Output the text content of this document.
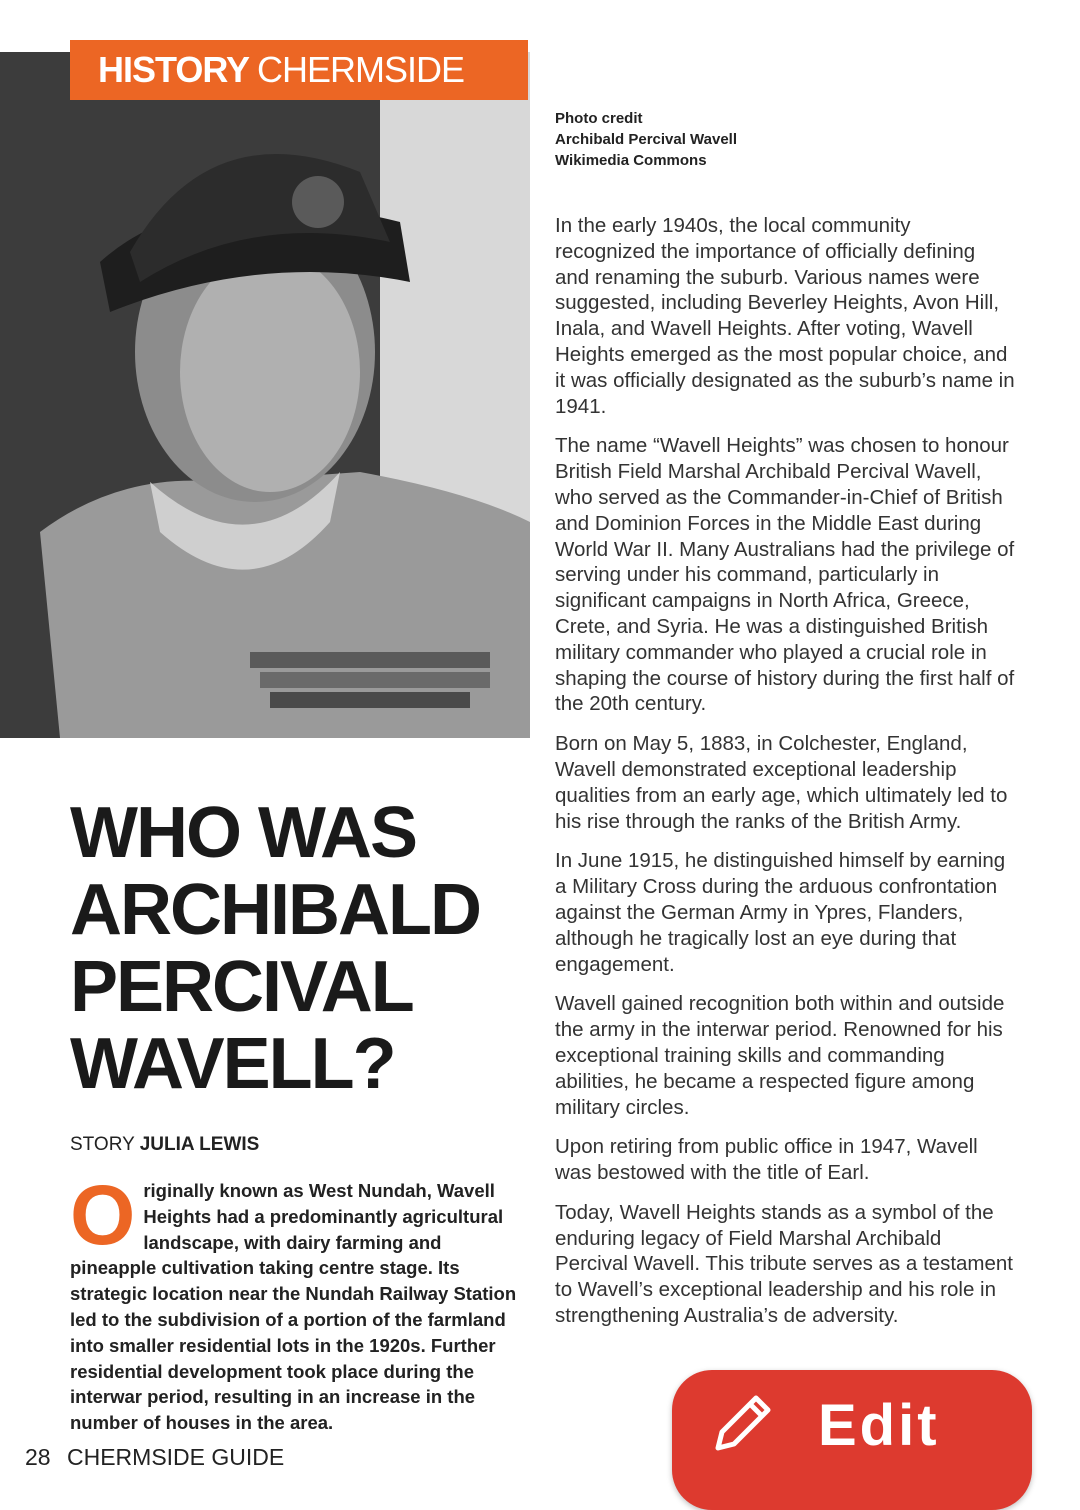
HISTORY CHERMSIDE
Photo credit
Archibald Percival Wavell
Wikimedia Commons

In the early 1940s, the local community recognized the importance of officially defining and renaming the suburb. Various names were suggested, including Beverley Heights, Avon Hill, Inala, and Wavell Heights. After voting, Wavell Heights emerged as the most popular choice, and it was officially designated as the suburb’s name in 1941.

The name “Wavell Heights” was chosen to honour British Field Marshal Archibald Percival Wavell, who served as the Commander-in-Chief of British and Dominion Forces in the Middle East during World War II. Many Australians had the privilege of serving under his command, particularly in significant campaigns in North Africa, Greece, Crete, and Syria. He was a distinguished British military commander who played a crucial role in shaping the course of history during the first half of the 20th century.

Born on May 5, 1883, in Colchester, England, Wavell demonstrated exceptional leadership qualities from an early age, which ultimately led to his rise through the ranks of the British Army.

In June 1915, he distinguished himself by earning a Military Cross during the arduous confrontation against the German Army in Ypres, Flanders, although he tragically lost an eye during that engagement.

Wavell gained recognition both within and outside the army in the interwar period. Renowned for his exceptional training skills and commanding abilities, he became a respected figure among military circles.

Upon retiring from public office in 1947, Wavell was bestowed with the title of Earl.

Today, Wavell Heights stands as a symbol of the enduring legacy of Field Marshal Archibald Percival Wavell. This tribute serves as a testament to Wavell’s exceptional leadership and his role in strengthening Australia’s de adversity.

WHO WAS
ARCHIBALD
PERCIVAL
WAVELL?
STORY JULIA LEWIS
O riginally known as West Nundah, Wavell Heights had a predominantly agricultural landscape, with dairy farming and pineapple cultivation taking centre stage. Its strategic location near the Nundah Railway Station led to the subdivision of a portion of the farmland into smaller residential lots in the 1920s. Further residential development took place during the interwar period, resulting in an increase in the number of houses in the area.
28 CHERMSIDE GUIDE	Edit
